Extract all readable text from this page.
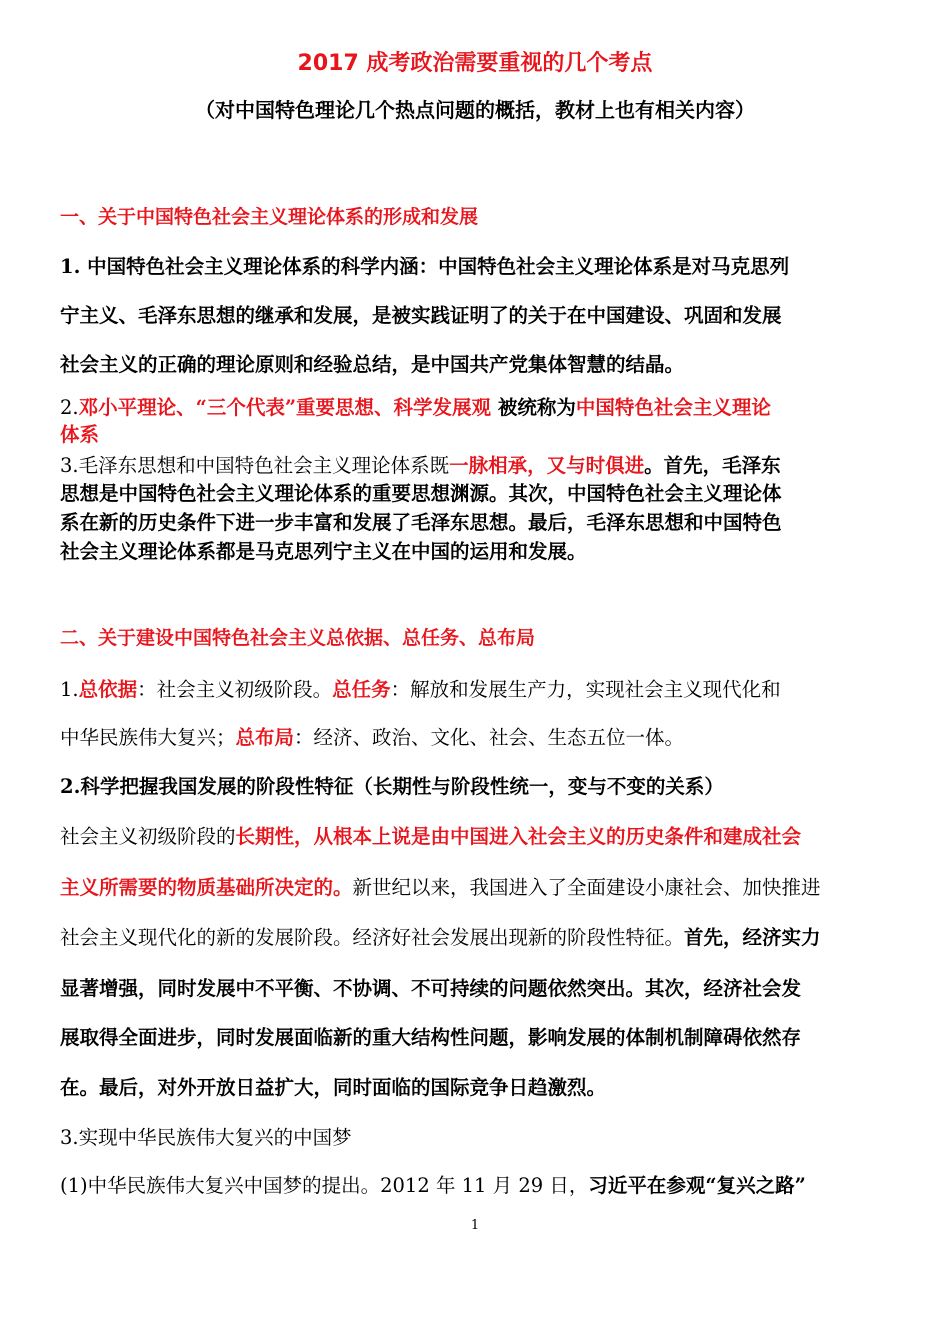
2017 成考政治需要重视的几个考点
（对中国特色理论几个热点问题的概括，教材上也有相关内容）
一、关于中国特色社会主义理论体系的形成和发展
1. 中国特色社会主义理论体系的科学内涵：中国特色社会主义理论体系是对马克思列
宁主义、毛泽东思想的继承和发展，是被实践证明了的关于在中国建设、巩固和发展
社会主义的正确的理论原则和经验总结，是中国共产党集体智慧的结晶。
2.邓小平理论、“三个代表”重要思想、科学发展观 被统称为中国特色社会主义理论
体系
3.毛泽东思想和中国特色社会主义理论体系既一脉相承，又与时俱进。首先，毛泽东
思想是中国特色社会主义理论体系的重要思想渊源。其次，中国特色社会主义理论体
系在新的历史条件下进一步丰富和发展了毛泽东思想。最后，毛泽东思想和中国特色
社会主义理论体系都是马克思列宁主义在中国的运用和发展。
二、关于建设中国特色社会主义总依据、总任务、总布局
1.总依据：社会主义初级阶段。总任务：解放和发展生产力，实现社会主义现代化和
中华民族伟大复兴；总布局：经济、政治、文化、社会、生态五位一体。
2.科学把握我国发展的阶段性特征（长期性与阶段性统一，变与不变的关系）
社会主义初级阶段的长期性，从根本上说是由中国进入社会主义的历史条件和建成社会
主义所需要的物质基础所决定的。新世纪以来，我国进入了全面建设小康社会、加快推进
社会主义现代化的新的发展阶段。经济好社会发展出现新的阶段性特征。首先，经济实力
显著增强，同时发展中不平衡、不协调、不可持续的问题依然突出。其次，经济社会发
展取得全面进步，同时发展面临新的重大结构性问题，影响发展的体制机制障碍依然存
在。最后，对外开放日益扩大，同时面临的国际竞争日趋激烈。
3.实现中华民族伟大复兴的中国梦
(1)中华民族伟大复兴中国梦的提出。2012 年 11 月 29 日，习近平在参观“复兴之路”
1
